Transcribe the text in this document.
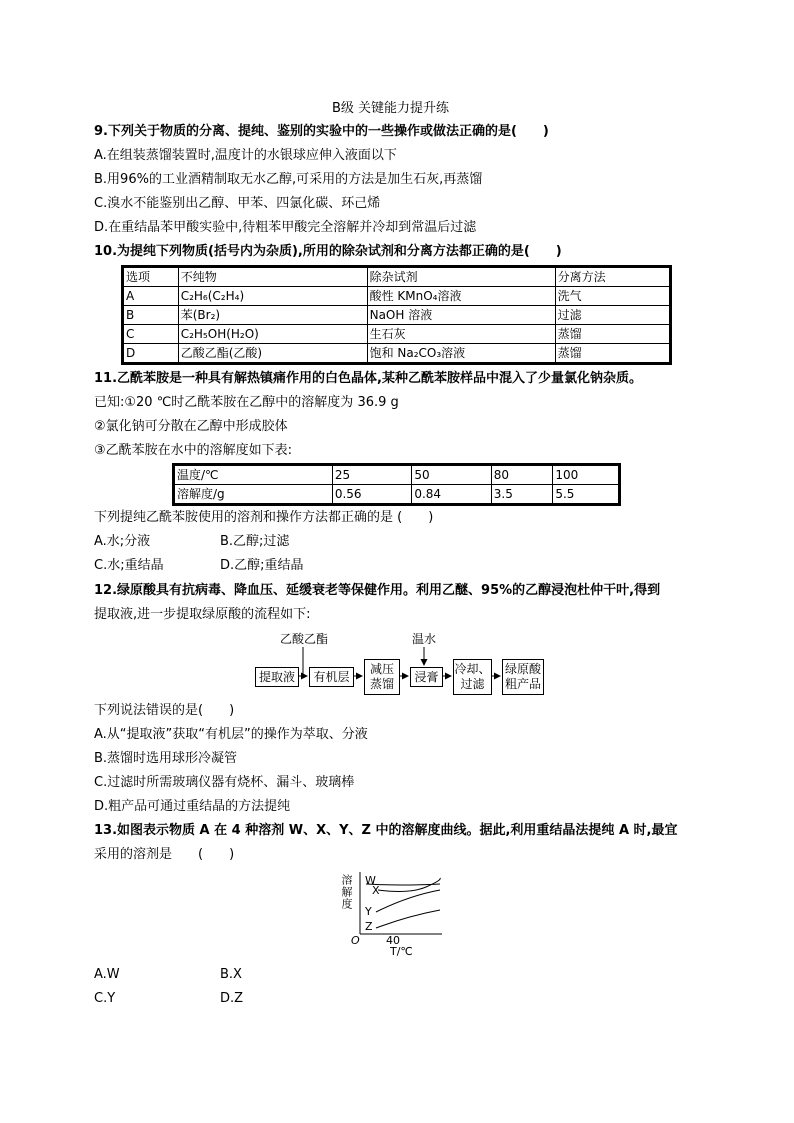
B级 关键能力提升练
9.下列关于物质的分离、提纯、鉴别的实验中的一些操作或做法正确的是(　　)
A.在组装蒸馏装置时,温度计的水银球应伸入液面以下
B.用96%的工业酒精制取无水乙醇,可采用的方法是加生石灰,再蒸馏
C.溴水不能鉴别出乙醇、甲苯、四氯化碳、环己烯
D.在重结晶苯甲酸实验中,待粗苯甲酸完全溶解并冷却到常温后过滤
10.为提纯下列物质(括号内为杂质),所用的除杂试剂和分离方法都正确的是(　　)
选项	不纯物	除杂试剂	分离方法
A	C₂H₆(C₂H₄)	酸性 KMnO₄溶液	洗气
B	苯(Br₂)	NaOH 溶液	过滤
C	C₂H₅OH(H₂O)	生石灰	蒸馏
D	乙酸乙酯(乙酸)	饱和 Na₂CO₃溶液	蒸馏
11.乙酰苯胺是一种具有解热镇痛作用的白色晶体,某种乙酰苯胺样品中混入了少量氯化钠杂质。
已知:①20 ℃时乙酰苯胺在乙醇中的溶解度为 36.9 g
②氯化钠可分散在乙醇中形成胶体
③乙酰苯胺在水中的溶解度如下表:
温度/℃	25	50	80	100
溶解度/g	0.56	0.84	3.5	5.5
下列提纯乙酰苯胺使用的溶剂和操作方法都正确的是 (　　)
A.水;分液	B.乙醇;过滤
C.水;重结晶	D.乙醇;重结晶
12.绿原酸具有抗病毒、降血压、延缓衰老等保健作用。利用乙醚、95%的乙醇浸泡杜仲干叶,得到
提取液,进一步提取绿原酸的流程如下:
乙酸乙酯	温水
提取液 有机层
减压
蒸馏
浸膏
冷却、
过滤
绿原酸
粗产品
下列说法错误的是(　　)
A.从“提取液”获取“有机层”的操作为萃取、分液
B.蒸馏时选用球形冷凝管
C.过滤时所需玻璃仪器有烧杯、漏斗、玻璃棒
D.粗产品可通过重结晶的方法提纯
13.如图表示物质 A 在 4 种溶剂 W、X、Y、Z 中的溶解度曲线。据此,利用重结晶法提纯 A 时,最宜
采用的溶剂是　　(　　)
溶解度 W
X
Y
Z
O 40
T/℃
A.W	B.X
C.Y	D.Z
